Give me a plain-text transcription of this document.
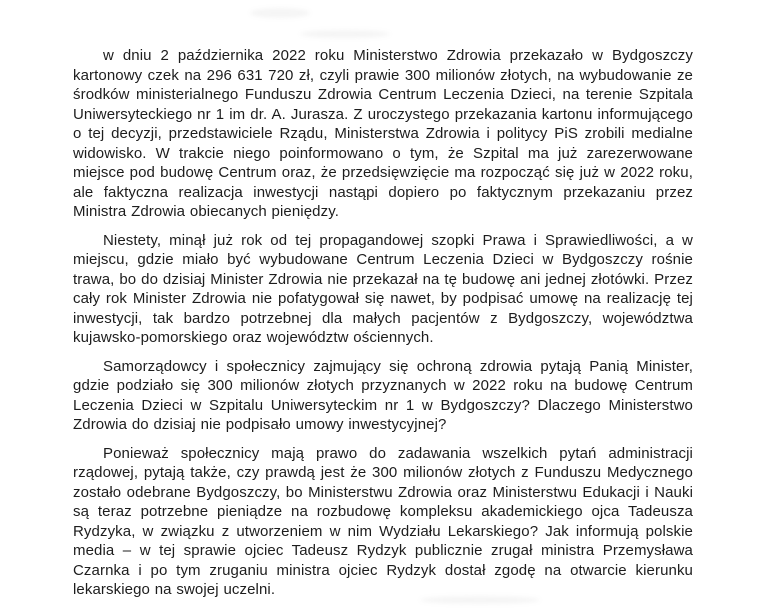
w dniu 2 października 2022 roku Ministerstwo Zdrowia przekazało w Bydgoszczy kartonowy czek na 296 631 720 zł, czyli prawie 300 milionów złotych, na wybudowanie ze środków ministerialnego Funduszu Zdrowia Centrum Leczenia Dzieci, na terenie Szpitala Uniwersyteckiego nr 1 im dr. A. Jurasza. Z uroczystego przekazania kartonu informującego o tej decyzji, przedstawiciele Rządu, Ministerstwa Zdrowia i politycy PiS zrobili medialne widowisko. W trakcie niego poinformowano o tym, że Szpital ma już zarezerwowane miejsce pod budowę Centrum oraz, że przedsięwzięcie ma rozpocząć się już w 2022 roku, ale faktyczna realizacja inwestycji nastąpi dopiero po faktycznym przekazaniu przez Ministra Zdrowia obiecanych pieniędzy.

Niestety, minął już rok od tej propagandowej szopki Prawa i Sprawiedliwości, a w miejscu, gdzie miało być wybudowane Centrum Leczenia Dzieci w Bydgoszczy rośnie trawa, bo do dzisiaj Minister Zdrowia nie przekazał na tę budowę ani jednej złotówki. Przez cały rok Minister Zdrowia nie pofatygował się nawet, by podpisać umowę na realizację tej inwestycji, tak bardzo potrzebnej dla małych pacjentów z Bydgoszczy, województwa kujawsko-pomorskiego oraz województw ościennych.

Samorządowcy i społecznicy zajmujący się ochroną zdrowia pytają Panią Minister, gdzie podziało się 300 milionów złotych przyznanych w 2022 roku na budowę Centrum Leczenia Dzieci w Szpitalu Uniwersyteckim nr 1 w Bydgoszczy? Dlaczego Ministerstwo Zdrowia do dzisiaj nie podpisało umowy inwestycyjnej?

Ponieważ społecznicy mają prawo do zadawania wszelkich pytań administracji rządowej, pytają także, czy prawdą jest że 300 milionów złotych z Funduszu Medycznego zostało odebrane Bydgoszczy, bo Ministerstwu Zdrowia oraz Ministerstwu Edukacji i Nauki są teraz potrzebne pieniądze na rozbudowę kompleksu akademickiego ojca Tadeusza Rydzyka, w związku z utworzeniem w nim Wydziału Lekarskiego? Jak informują polskie media – w tej sprawie ojciec Tadeusz Rydzyk publicznie zrugał ministra Przemysława Czarnka i po tym zruganiu ministra ojciec Rydzyk dostał zgodę na otwarcie kierunku lekarskiego na swojej uczelni.
